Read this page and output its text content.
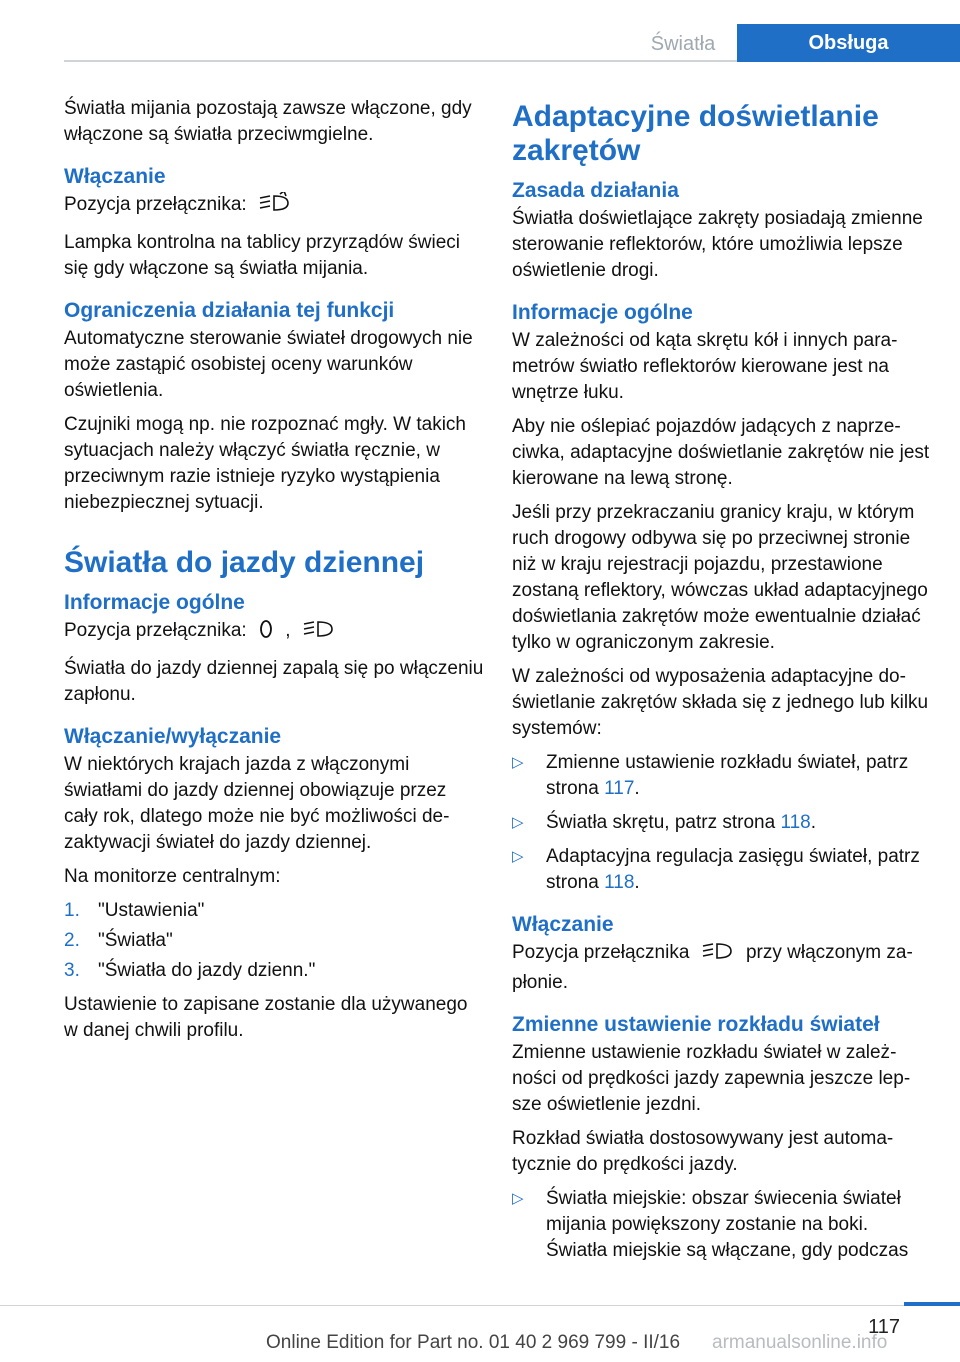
Światła	Obsługa

Światła mijania pozostają zawsze włączone, gdy włączone są światła przeciwmgielne.

Włączanie

Pozycja przełącznika:

Lampka kontrolna na tablicy przyrządów świeci się gdy włączone są światła mijania.

Ograniczenia działania tej funkcji

Automatyczne sterowanie świateł drogowych nie może zastąpić osobistej oceny warunków oświetlenia.

Czujniki mogą np. nie rozpoznać mgły. W takich sytuacjach należy włączyć światła ręcznie, w przeciwnym razie istnieje ryzyko wystąpienia niebezpiecznej sytuacji.

Światła do jazdy dziennej
Informacje ogólne

Pozycja przełącznika: ,

Światła do jazdy dziennej zapalą się po włączeniu zapłonu.

Włączanie/wyłączanie

W niektórych krajach jazda z włączonymi światłami do jazdy dziennej obowiązuje przez cały rok, dlatego może nie być możliwości dezaktywacji świateł do jazdy dziennej.

Na monitorze centralnym:

1. "Ustawienia"
2. "Światła"
3. "Światła do jazdy dzienn."

Ustawienie to zapisane zostanie dla używanego w danej chwili profilu.

Adaptacyjne doświetlanie zakrętów
Zasada działania

Światła doświetlające zakręty posiadają zmienne sterowanie reflektorów, które umożliwia lepsze oświetlenie drogi.

Informacje ogólne

W zależności od kąta skrętu kół i innych parametrów światło reflektorów kierowane jest na wnętrze łuku.

Aby nie oślepiać pojazdów jadących z naprzeciwka, adaptacyjne doświetlanie zakrętów nie jest kierowane na lewą stronę.

Jeśli przy przekraczaniu granicy kraju, w którym ruch drogowy odbywa się po przeciwnej stronie niż w kraju rejestracji pojazdu, przestawione zostaną reflektory, wówczas układ adaptacyjnego doświetlania zakrętów może ewentualnie działać tylko w ograniczonym zakresie.

W zależności od wyposażenia adaptacyjne doświetlanie zakrętów składa się z jednego lub kilku systemów:

▷ Zmienne ustawienie rozkładu świateł, patrz strona 117.
▷ Światła skrętu, patrz strona 118.
▷ Adaptacyjna regulacja zasięgu świateł, patrz strona 118.
Włączanie

Pozycja przełącznika	przy włączonym zapłonie.

Zmienne ustawienie rozkładu świateł

Zmienne ustawienie rozkładu świateł w zależności od prędkości jazdy zapewnia jeszcze lepsze oświetlenie jezdni.

Rozkład światła dostosowywany jest automatycznie do prędkości jazdy.

▷ Światła miejskie: obszar świecenia świateł mijania powiększony zostanie na boki. Światła miejskie są włączane, gdy podczas
117
Online Edition for Part no. 01 40 2 969 799 - II/16 armanualsonline.info
